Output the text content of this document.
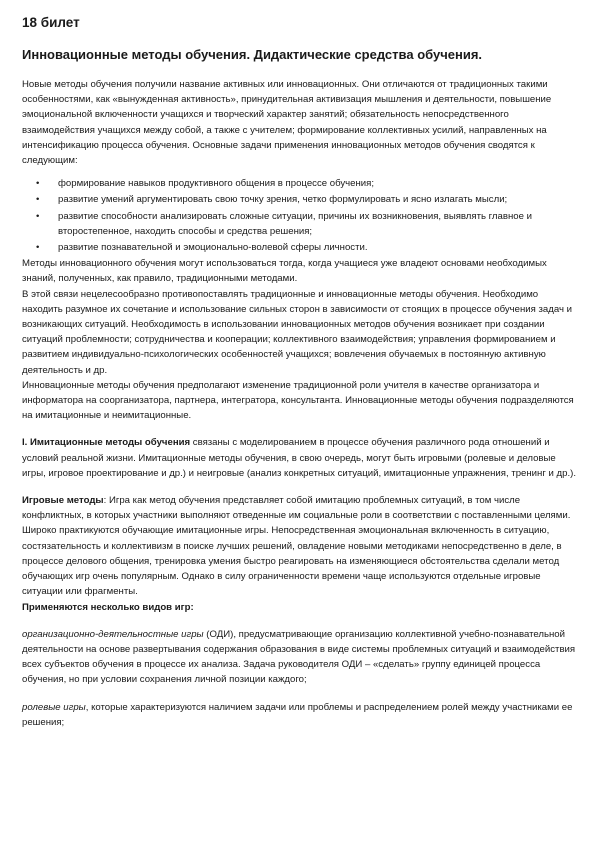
18 билет
Инновационные методы обучения. Дидактические средства обучения.

Новые методы обучения получили название активных или инновационных. Они отличаются от традиционных такими особенностями, как «вынужденная активность», принудительная активизация мышления и деятельности, повышение эмоциональной включенности учащихся и творческий характер занятий; обязательность непосредственного взаимодействия учащихся между собой, а также с учителем; формирование коллективных усилий, направленных на интенсификацию процесса обучения. Основные задачи применения инновационных методов обучения сводятся к следующим:

• формирование навыков продуктивного общения в процессе обучения;
• развитие умений аргументировать свою точку зрения, четко формулировать и ясно излагать мысли;
• развитие способности анализировать сложные ситуации, причины их возникновения, выявлять главное и второстепенное, находить способы и средства решения;
• развитие познавательной и эмоционально-волевой сферы личности.

Методы инновационного обучения могут использоваться тогда, когда учащиеся уже владеют основами необходимых знаний, полученных, как правило, традиционными методами.

В этой связи нецелесообразно противопоставлять традиционные и инновационные методы обучения. Необходимо находить разумное их сочетание и использование сильных сторон в зависимости от стоящих в процессе обучения задач и возникающих ситуаций. Необходимость в использовании инновационных методов обучения возникает при создании ситуаций проблемности; сотрудничества и кооперации; коллективного взаимодействия; управления формированием и развитием индивидуально-психологических особенностей учащихся; вовлечения обучаемых в постоянную активную деятельность и др.

Инновационные методы обучения предполагают изменение традиционной роли учителя в качестве организатора и информатора на соорганизатора, партнера, интегратора, консультанта. Инновационные методы обучения подразделяются на имитационные и неимитационные.

I. Имитационные методы обучения связаны с моделированием в процессе обучения различного рода отношений и условий реальной жизни. Имитационные методы обучения, в свою очередь, могут быть игровыми (ролевые и деловые игры, игровое проектирование и др.) и неигровые (анализ конкретных ситуаций, имитационные упражнения, тренинг и др.).

Игровые методы: Игра как метод обучения представляет собой имитацию проблемных ситуаций, в том числе конфликтных, в которых участники выполняют отведенные им социальные роли в соответствии с поставленными целями. Широко практикуются обучающие имитационные игры. Непосредственная эмоциональная включенность в ситуацию, состязательность и коллективизм в поиске лучших решений, овладение новыми методиками непосредственно в деле, в процессе делового общения, тренировка умения быстро реагировать на изменяющиеся обстоятельства сделали метод обучающих игр очень популярным. Однако в силу ограниченности времени чаще используются отдельные игровые ситуации или фрагменты.

Применяются несколько видов игр:

организационно-деятельностные игры (ОДИ), предусматривающие организацию коллективной учебно-познавательной деятельности на основе развертывания содержания образования в виде системы проблемных ситуаций и взаимодействия всех субъектов обучения в процессе их анализа. Задача руководителя ОДИ – «сделать» группу единицей процесса обучения, но при условии сохранения личной позиции каждого;

ролевые игры, которые характеризуются наличием задачи или проблемы и распределением ролей между участниками ее решения;
